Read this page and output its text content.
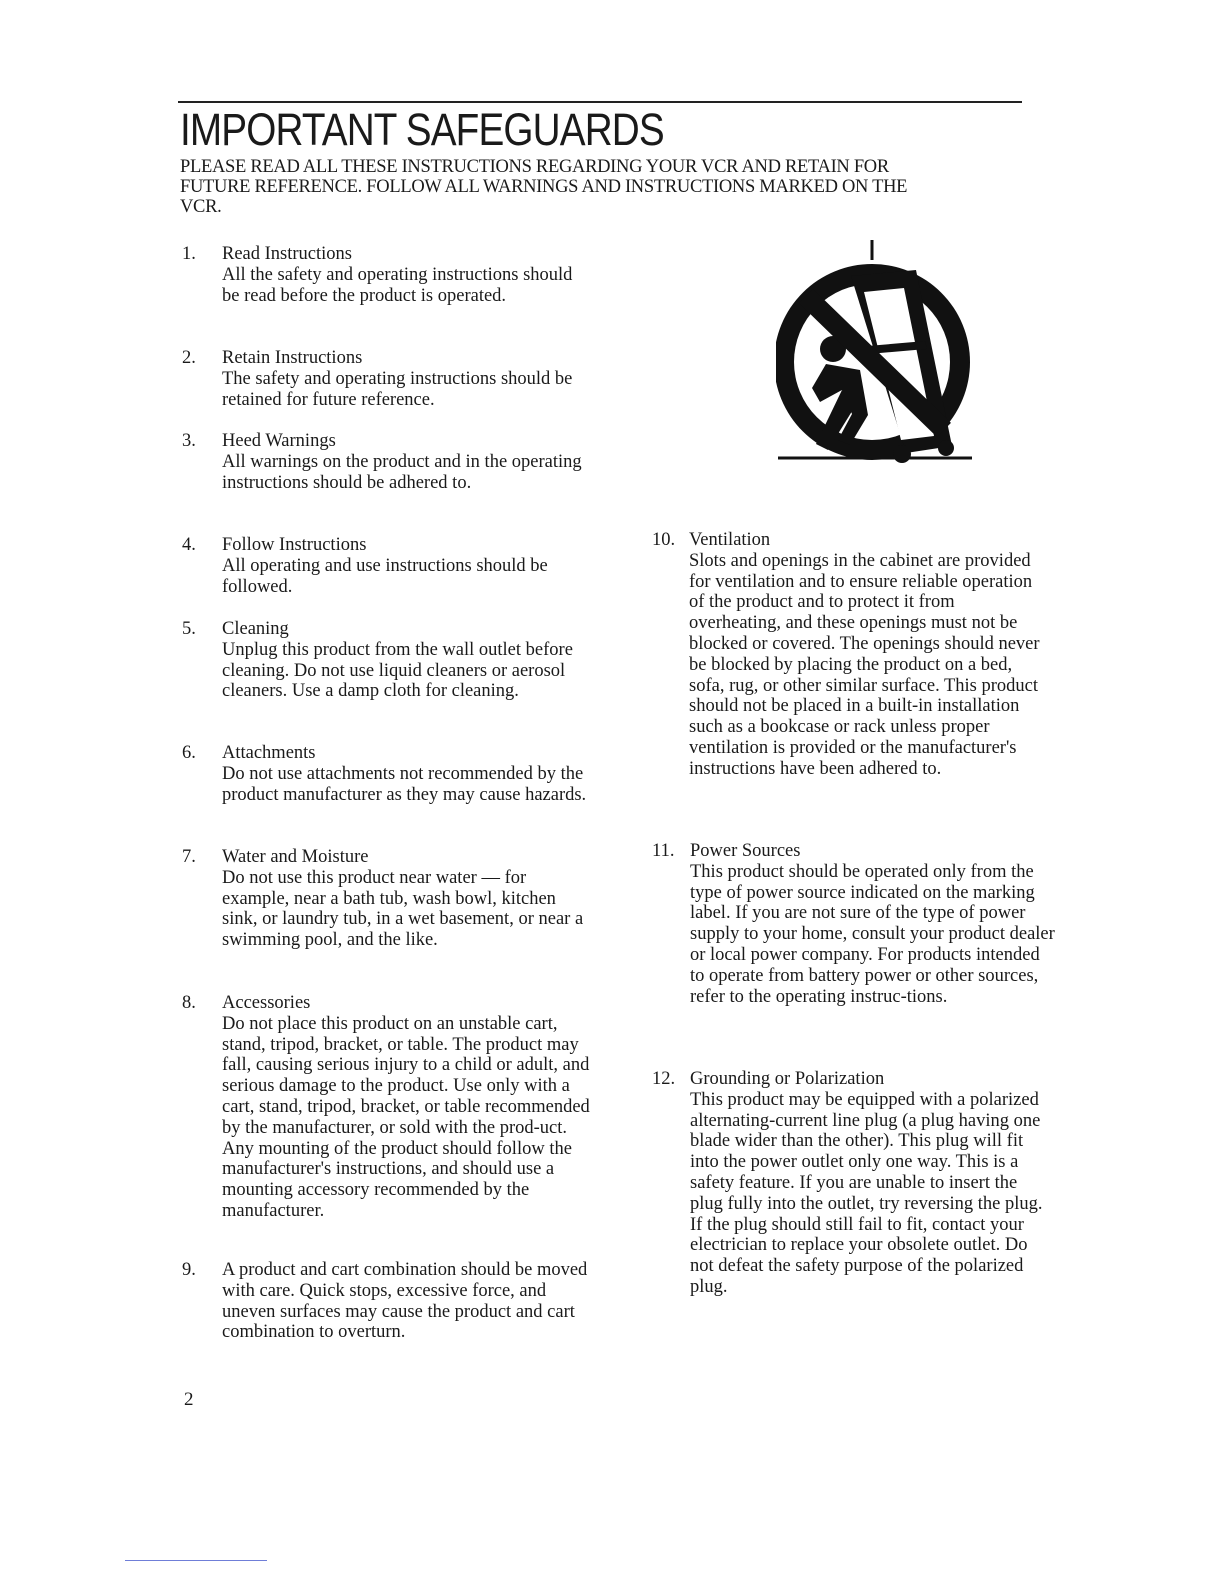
IMPORTANT SAFEGUARDS

PLEASE READ ALL THESE INSTRUCTIONS REGARDING YOUR VCR AND RETAIN FOR
FUTURE REFERENCE. FOLLOW ALL WARNINGS AND INSTRUCTIONS MARKED ON THE
VCR.

1.	Read Instructions
All the safety and operating instructions should be read before the product is operated.
2.	Retain Instructions
The safety and operating instructions should be retained for future reference.
3.	Heed Warnings
All warnings on the product and in the operating instructions should be adhered to.
4.	Follow Instructions
All operating and use instructions should be followed.
5.	Cleaning
Unplug this product from the wall outlet before cleaning. Do not use liquid cleaners or aerosol cleaners. Use a damp cloth for cleaning.
6.	Attachments
Do not use attachments not recommended by the product manufacturer as they may cause hazards.
7.	Water and Moisture
Do not use this product near water — for example, near a bath tub, wash bowl, kitchen sink, or laundry tub, in a wet basement, or near a swimming pool, and the like.
8.	Accessories
Do not place this product on an unstable cart, stand, tripod, bracket, or table. The product may fall, causing serious injury to a child or adult, and serious damage to the product. Use only with a cart, stand, tripod, bracket, or table recommended by the manufacturer, or sold with the prod-uct. Any mounting of the product should follow the manufacturer's instructions, and should use a mounting accessory recommended by the manufacturer.
9.	A product and cart combination should be moved with care. Quick stops, excessive force, and uneven surfaces may cause the product and cart combination to overturn.
10. Ventilation
Slots and openings in the cabinet are provided for ventilation and to ensure reliable operation of the product and to protect it from overheating, and these openings must not be blocked or covered. The openings should never be blocked by placing the product on a bed, sofa, rug, or other similar surface. This product should not be placed in a built-in installation such as a bookcase or rack unless proper ventilation is provided or the manufacturer's instructions have been adhered to.
11. Power Sources
This product should be operated only from the type of power source indicated on the marking label. If you are not sure of the type of power supply to your home, consult your product dealer or local power company. For products intended to operate from battery power or other sources, refer to the operating instruc-tions.
12. Grounding or Polarization
This product may be equipped with a polarized alternating-current line plug (a plug having one blade wider than the other). This plug will fit into the power outlet only one way. This is a safety feature. If you are unable to insert the plug fully into the outlet, try reversing the plug. If the plug should still fail to fit, contact your electrician to replace your obsolete outlet. Do not defeat the safety purpose of the polarized plug.
2
